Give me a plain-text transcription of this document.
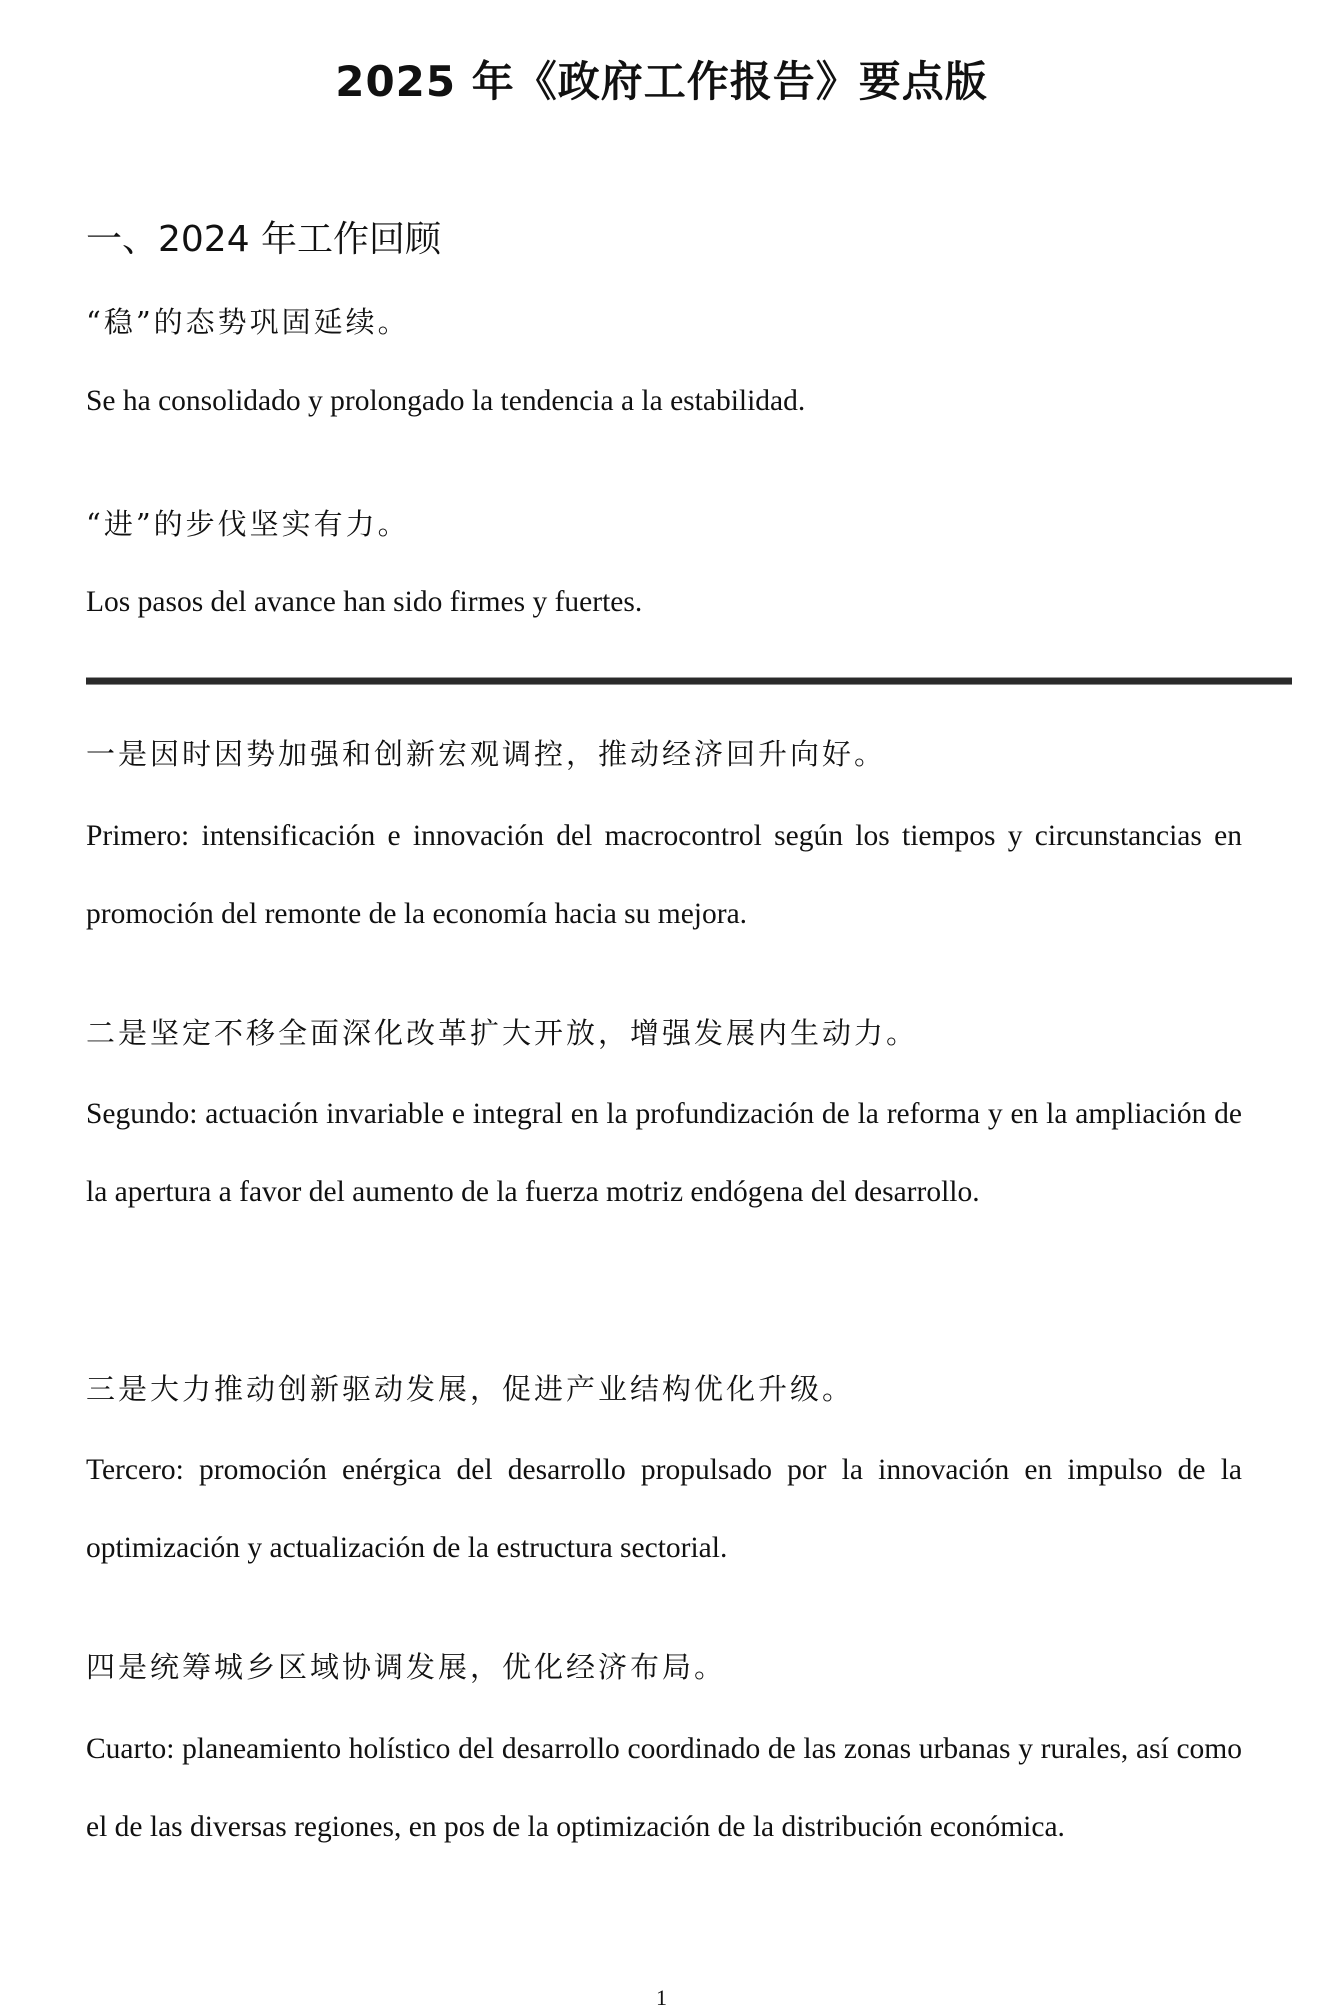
2025 年《政府工作报告》要点版
一、2024 年工作回顾

“稳”的态势巩固延续。

Se ha consolidado y prolongado la tendencia a la estabilidad.

“进”的步伐坚实有力。

Los pasos del avance han sido firmes y fuertes.

一是因时因势加强和创新宏观调控，推动经济回升向好。

Primero: intensificación e innovación del macrocontrol según los tiempos y circunstancias en promoción del remonte de la economía hacia su mejora.

二是坚定不移全面深化改革扩大开放，增强发展内生动力。

Segundo: actuación invariable e integral en la profundización de la reforma y en la ampliación de la apertura a favor del aumento de la fuerza motriz endógena del desarrollo.

三是大力推动创新驱动发展，促进产业结构优化升级。

Tercero: promoción enérgica del desarrollo propulsado por la innovación en impulso de la optimización y actualización de la estructura sectorial.

四是统筹城乡区域协调发展，优化经济布局。

Cuarto: planeamiento holístico del desarrollo coordinado de las zonas urbanas y rurales, así como el de las diversas regiones, en pos de la optimización de la distribución económica.

1
